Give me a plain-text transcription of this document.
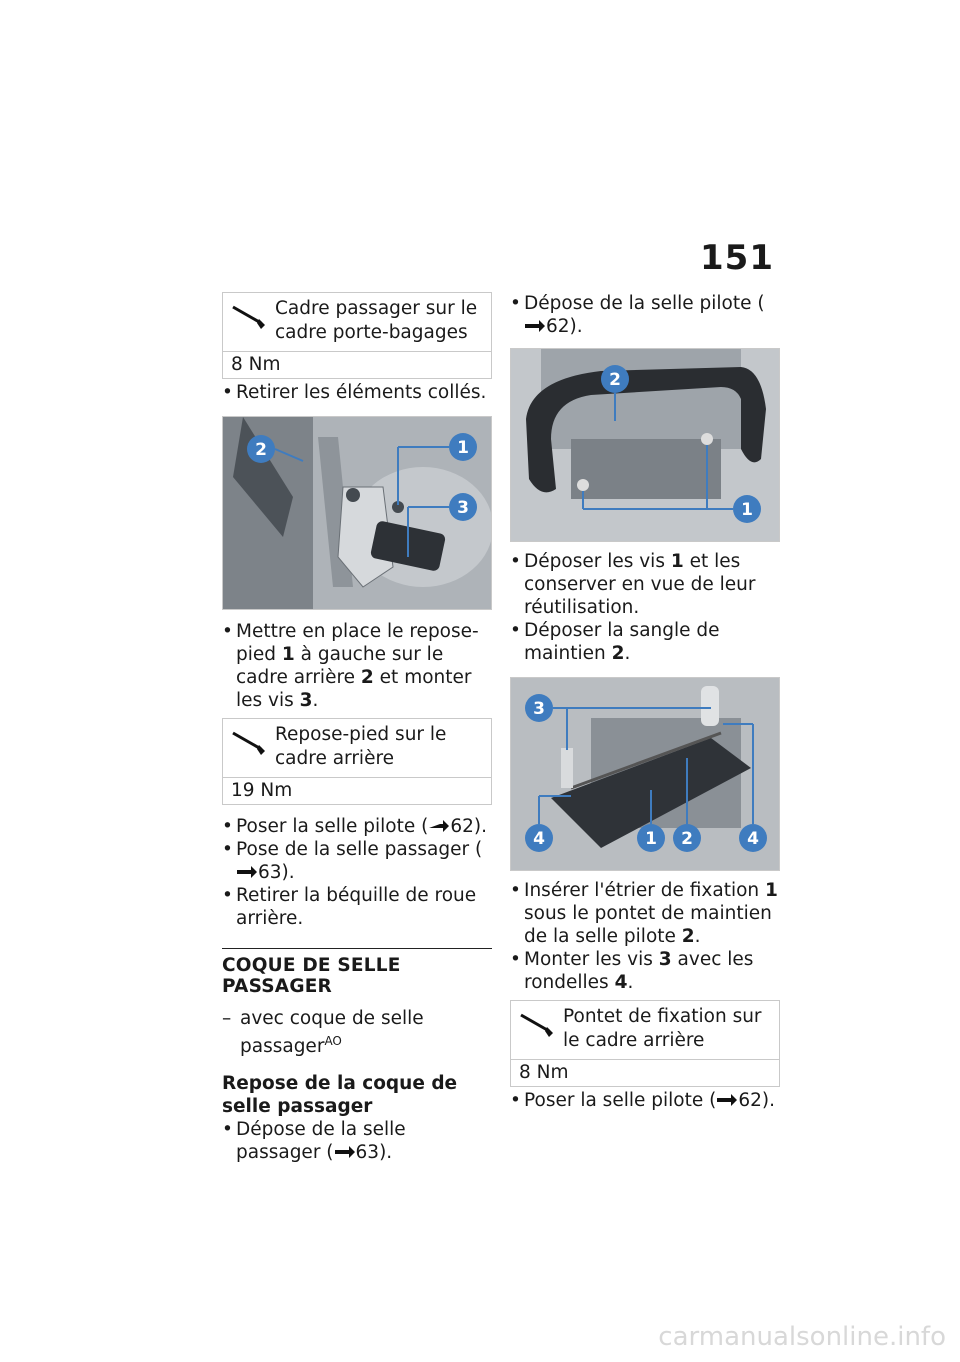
151
Cadre passager sur le cadre porte-bagages
8 Nm
• Retirer les éléments collés.
2	1
3
• Mettre en place le repose-pied 1 à gauche sur le cadre arrière 2 et monter les vis 3.
Repose-pied sur le cadre arrière
19 Nm
• Poser la selle pilote ( 62).
• Pose de la selle passager (63).
• Retirer la béquille de roue arrière.
COQUE DE SELLE PASSAGER
– avec coque de selle passager$^{AO}$
Repose de la coque de selle passager
• Dépose de la selle passager ( 63).
• Dépose de la selle pilote (62).
2
1
• Déposer les vis 1 et les conserver en vue de leur réutilisation.
• Déposer la sangle de maintien 2.
3
4	1 2	4
• Insérer l'étrier de fixation 1 sous le pontet de maintien de la selle pilote 2.
• Monter les vis 3 avec les rondelles 4.
Pontet de fixation sur le cadre arrière
8 Nm
• Poser la selle pilote ( 62).
carmanualsonline.info
